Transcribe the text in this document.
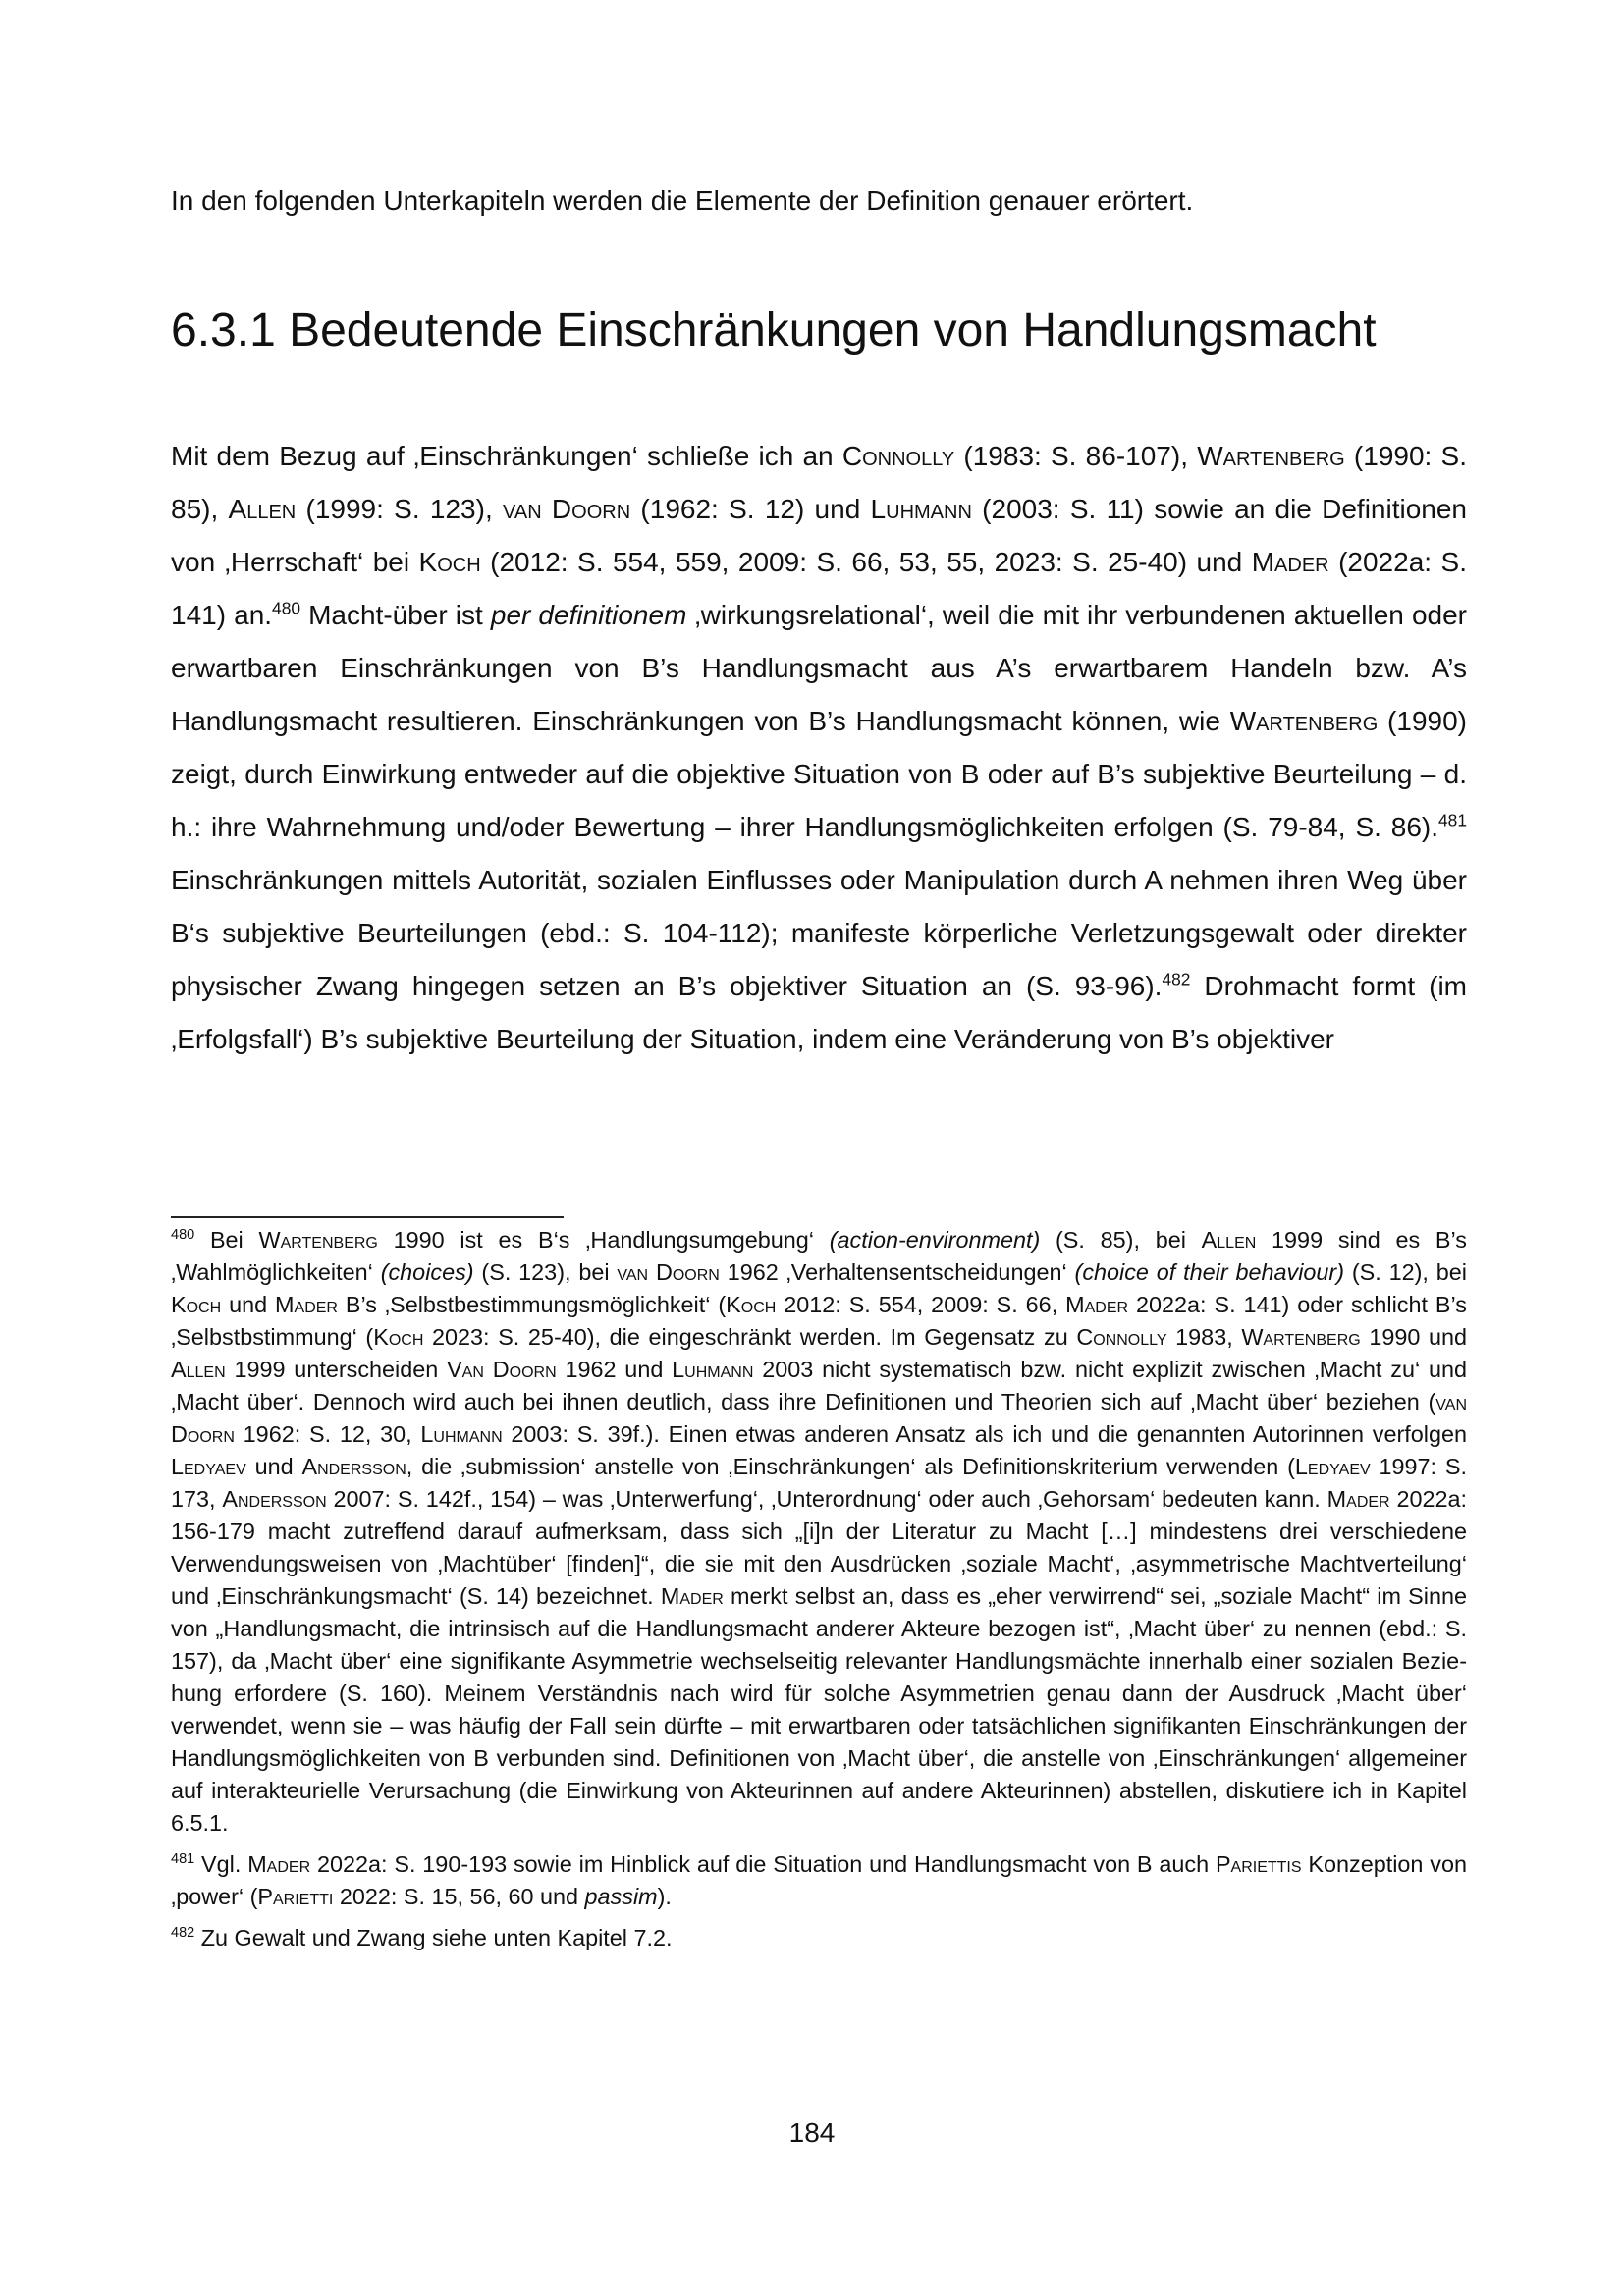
In den folgenden Unterkapiteln werden die Elemente der Definition genauer erörtert.

6.3.1 Bedeutende Einschränkungen von Handlungsmacht

Mit dem Bezug auf ‚Einschränkungen‘ schließe ich an Connolly (1983: S. 86-107), Wartenberg (1990: S. 85), Allen (1999: S. 123), van Doorn (1962: S. 12) und Luhmann (2003: S. 11) sowie an die Definitionen von ‚Herrschaft‘ bei Koch (2012: S. 554, 559, 2009: S. 66, 53, 55, 2023: S. 25-40) und Mader (2022a: S. 141) an.$^{480}$ Macht-über ist per definitionem ‚wirkungsrelational‘, weil die mit ihr verbundenen aktuellen oder erwartbaren Einschränkungen von B’s Handlungsmacht aus A’s erwartbarem Handeln bzw. A’s Handlungsmacht resultieren. Einschränkungen von B’s Handlungsmacht können, wie Wartenberg (1990) zeigt, durch Einwirkung entweder auf die objektive Situation von B oder auf B’s subjektive Beurteilung – d. h.: ihre Wahrnehmung und/oder Bewertung – ihrer Handlungsmöglichkeiten erfolgen (S. 79-84, S. 86).$^{481}$ Einschränkungen mittels Autorität, sozialen Einflusses oder Manipulation durch A nehmen ihren Weg über B‘s subjektive Beurteilungen (ebd.: S. 104-112); manifeste körperliche Verletzungsgewalt oder direkter physischer Zwang hingegen setzen an B’s objektiver Situation an (S. 93-96).$^{482}$ Drohmacht formt (im ‚Erfolgsfall‘) B’s subjektive Beurteilung der Situation, indem eine Veränderung von B’s objektiver

$^{480}$ Bei Wartenberg 1990 ist es B‘s ‚Handlungsumgebung‘ (action-environment) (S. 85), bei Allen 1999 sind es B’s ‚Wahlmöglichkeiten‘ (choices) (S. 123), bei van Doorn 1962 ‚Verhaltensentscheidungen‘ (choice of their behaviour) (S. 12), bei Koch und Mader B’s ‚Selbstbestimmungsmöglichkeit‘ (Koch 2012: S. 554, 2009: S. 66, Mader 2022a: S. 141) oder schlicht B’s ‚Selbstbstimmung‘ (Koch 2023: S. 25-40), die eingeschränkt werden. Im Gegensatz zu Connolly 1983, Wartenberg 1990 und Allen 1999 unterscheiden Van Doorn 1962 und Luhmann 2003 nicht systematisch bzw. nicht explizit zwischen ‚Macht zu‘ und ‚Macht über‘. Dennoch wird auch bei ihnen deutlich, dass ihre Definitionen und Theorien sich auf ‚Macht über‘ beziehen (van Doorn 1962: S. 12, 30, Luhmann 2003: S. 39f.). Einen etwas anderen Ansatz als ich und die genannten Autorinnen verfolgen Ledyaev und Andersson, die ‚submission‘ anstelle von ‚Einschränkungen‘ als Definitionskriterium verwenden (Ledyaev 1997: S. 173, Andersson 2007: S. 142f., 154) – was ‚Unterwerfung‘, ‚Unterordnung‘ oder auch ‚Gehorsam‘ bedeuten kann. Mader 2022a: 156-179 macht zutreffend darauf aufmerksam, dass sich „[i]n der Literatur zu Macht […] mindestens drei verschiedene Verwendungsweisen von ‚Machtüber‘ [finden]“, die sie mit den Ausdrücken ‚soziale Macht‘, ‚asymmetrische Machtverteilung‘ und ‚Einschränkungsmacht‘ (S. 14) bezeichnet. Mader merkt selbst an, dass es „eher verwirrend“ sei, „soziale Macht“ im Sinne von „Handlungsmacht, die intrinsisch auf die Handlungsmacht anderer Akteure bezogen ist“, ‚Macht über‘ zu nennen (ebd.: S. 157), da ‚Macht über‘ eine signifikante Asymmetrie wechselseitig relevanter Handlungsmächte innerhalb einer sozialen Beziehung erfordere (S. 160). Meinem Verständnis nach wird für solche Asymmetrien genau dann der Ausdruck ‚Macht über‘ verwendet, wenn sie – was häufig der Fall sein dürfte – mit erwartbaren oder tatsächlichen signifikanten Einschränkungen der Handlungsmöglichkeiten von B verbunden sind. Definitionen von ‚Macht über‘, die anstelle von ‚Einschränkungen‘ allgemeiner auf interakteurielle Verursachung (die Einwirkung von Akteurinnen auf andere Akteurinnen) abstellen, diskutiere ich in Kapitel 6.5.1.

$^{481}$ Vgl. Mader 2022a: S. 190-193 sowie im Hinblick auf die Situation und Handlungsmacht von B auch Pariettis Konzeption von ‚power‘ (Parietti 2022: S. 15, 56, 60 und passim).

$^{482}$ Zu Gewalt und Zwang siehe unten Kapitel 7.2.

184
